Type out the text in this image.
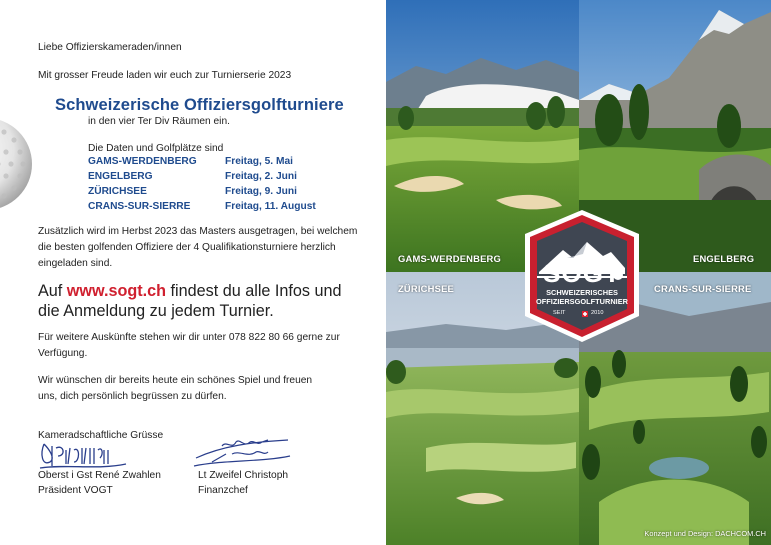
Liebe Offizierskameraden/innen
Mit grosser Freude laden wir euch zur Turnierserie 2023
Schweizerische Offiziersgolfturniere
in den vier Ter Div Räumen ein.
Die Daten und Golfplätze sind
GAMS-WERDENBERG	Freitag, 5. Mai
ENGELBERG	Freitag, 2. Juni
ZÜRICHSEE	Freitag, 9. Juni
CRANS-SUR-SIERRE	Freitag, 11. August
Zusätzlich wird im Herbst 2023 das Masters ausgetragen, bei welchem
die besten golfenden Offiziere der 4 Qualifikationsturniere herzlich
eingeladen sind.
Auf www.sogt.ch findest du alle Infos und
die Anmeldung zu jedem Turnier.
Für weitere Auskünfte stehen wir dir unter 078 822 80 66 gerne zur
Verfügung.
Wir wünschen dir bereits heute ein schönes Spiel und freuen
uns, dich persönlich begrüssen zu dürfen.
Kameradschaftliche Grüsse
Oberst i Gst René Zwahlen
Präsident VOGT
Lt Zweifel Christoph
Finanzchef
GAMS-WERDENBERG	ENGELBERG
ZÜRICHSEE	CRANS-SUR-SIERRE
Konzept und Design: DACHCOM.CH
SOGT
SCHWEIZERISCHES
OFFIZIERSGOLFTURNIER
SEIT	2010
